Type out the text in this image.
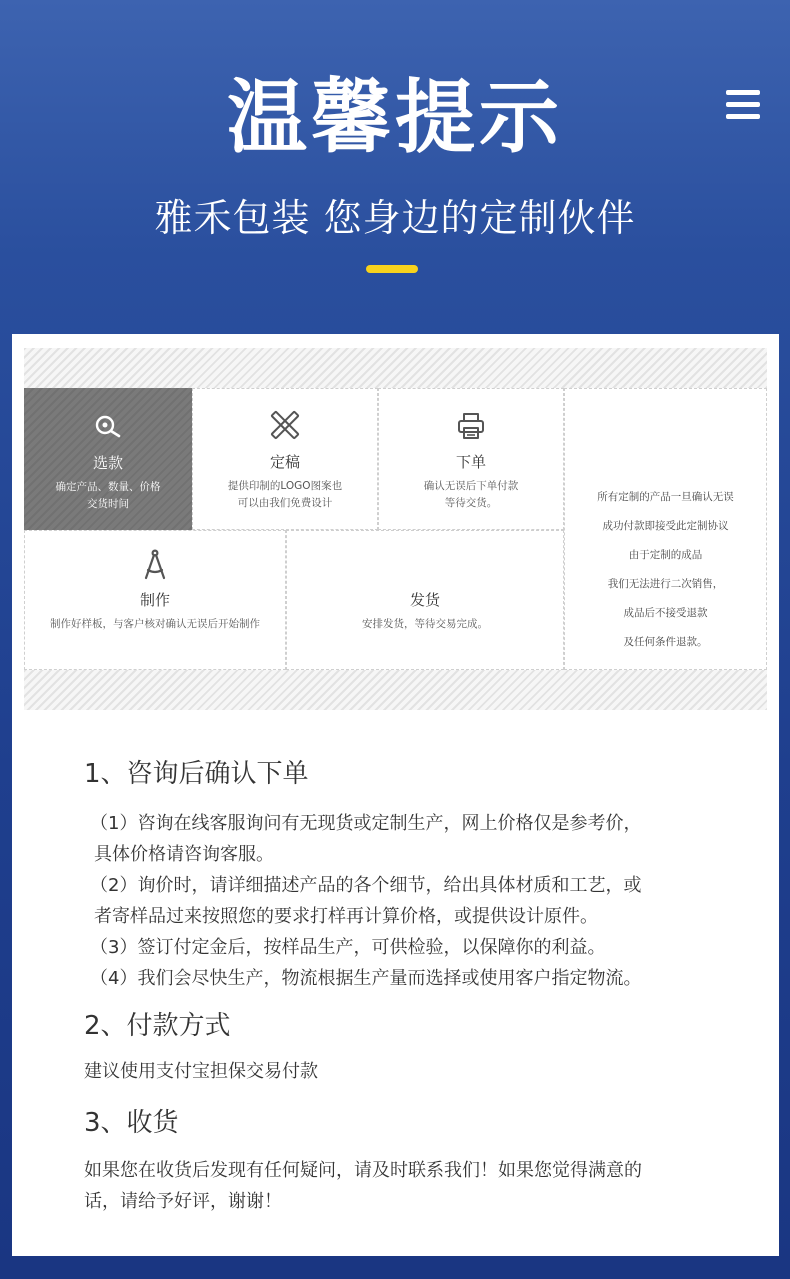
温馨提示
雅禾包装 您身边的定制伙伴
选款
确定产品、数量、价格
交货时间
定稿
提供印制的LOGO图案也
可以由我们免费设计
下单
确认无误后下单付款
等待交货。	所有定制的产品一旦确认无误
成功付款即接受此定制协议
由于定制的成品
我们无法进行二次销售，
成品后不接受退款
及任何条件退款。
制作
制作好样板，与客户核对确认无误后开始制作
发货
安排发货，等待交易完成。
1、咨询后确认下单
（1）咨询在线客服询问有无现货或定制生产，网上价格仅是参考价，
具体价格请咨询客服。
（2）询价时，请详细描述产品的各个细节，给出具体材质和工艺，或
者寄样品过来按照您的要求打样再计算价格，或提供设计原件。
（3）签订付定金后，按样品生产，可供检验，以保障你的利益。
（4）我们会尽快生产，物流根据生产量而选择或使用客户指定物流。
2、付款方式
建议使用支付宝担保交易付款
3、收货
如果您在收货后发现有任何疑问，请及时联系我们！如果您觉得满意的
话，请给予好评，谢谢！
